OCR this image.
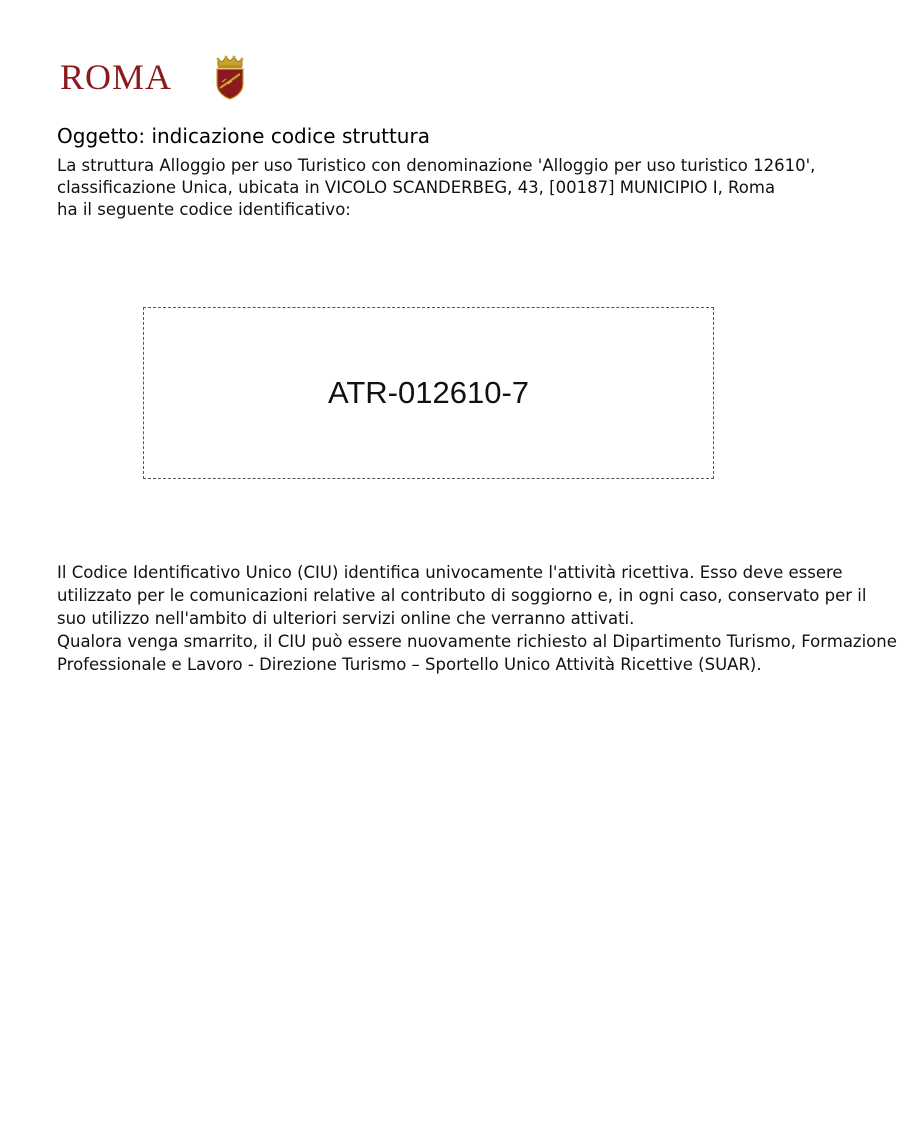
ROMA
Oggetto: indicazione codice struttura

La struttura Alloggio per uso Turistico con denominazione 'Alloggio per uso turistico 12610', classificazione Unica, ubicata in VICOLO SCANDERBEG, 43, [00187] MUNICIPIO I, Roma

ha il seguente codice identificativo:

ATR-012610-7

Il Codice Identificativo Unico (CIU) identifica univocamente l'attività ricettiva. Esso deve essere utilizzato per le comunicazioni relative al contributo di soggiorno e, in ogni caso, conservato per il suo utilizzo nell'ambito di ulteriori servizi online che verranno attivati.

Qualora venga smarrito, il CIU può essere nuovamente richiesto al Dipartimento Turismo, Formazione Professionale e Lavoro - Direzione Turismo – Sportello Unico Attività Ricettive (SUAR).
